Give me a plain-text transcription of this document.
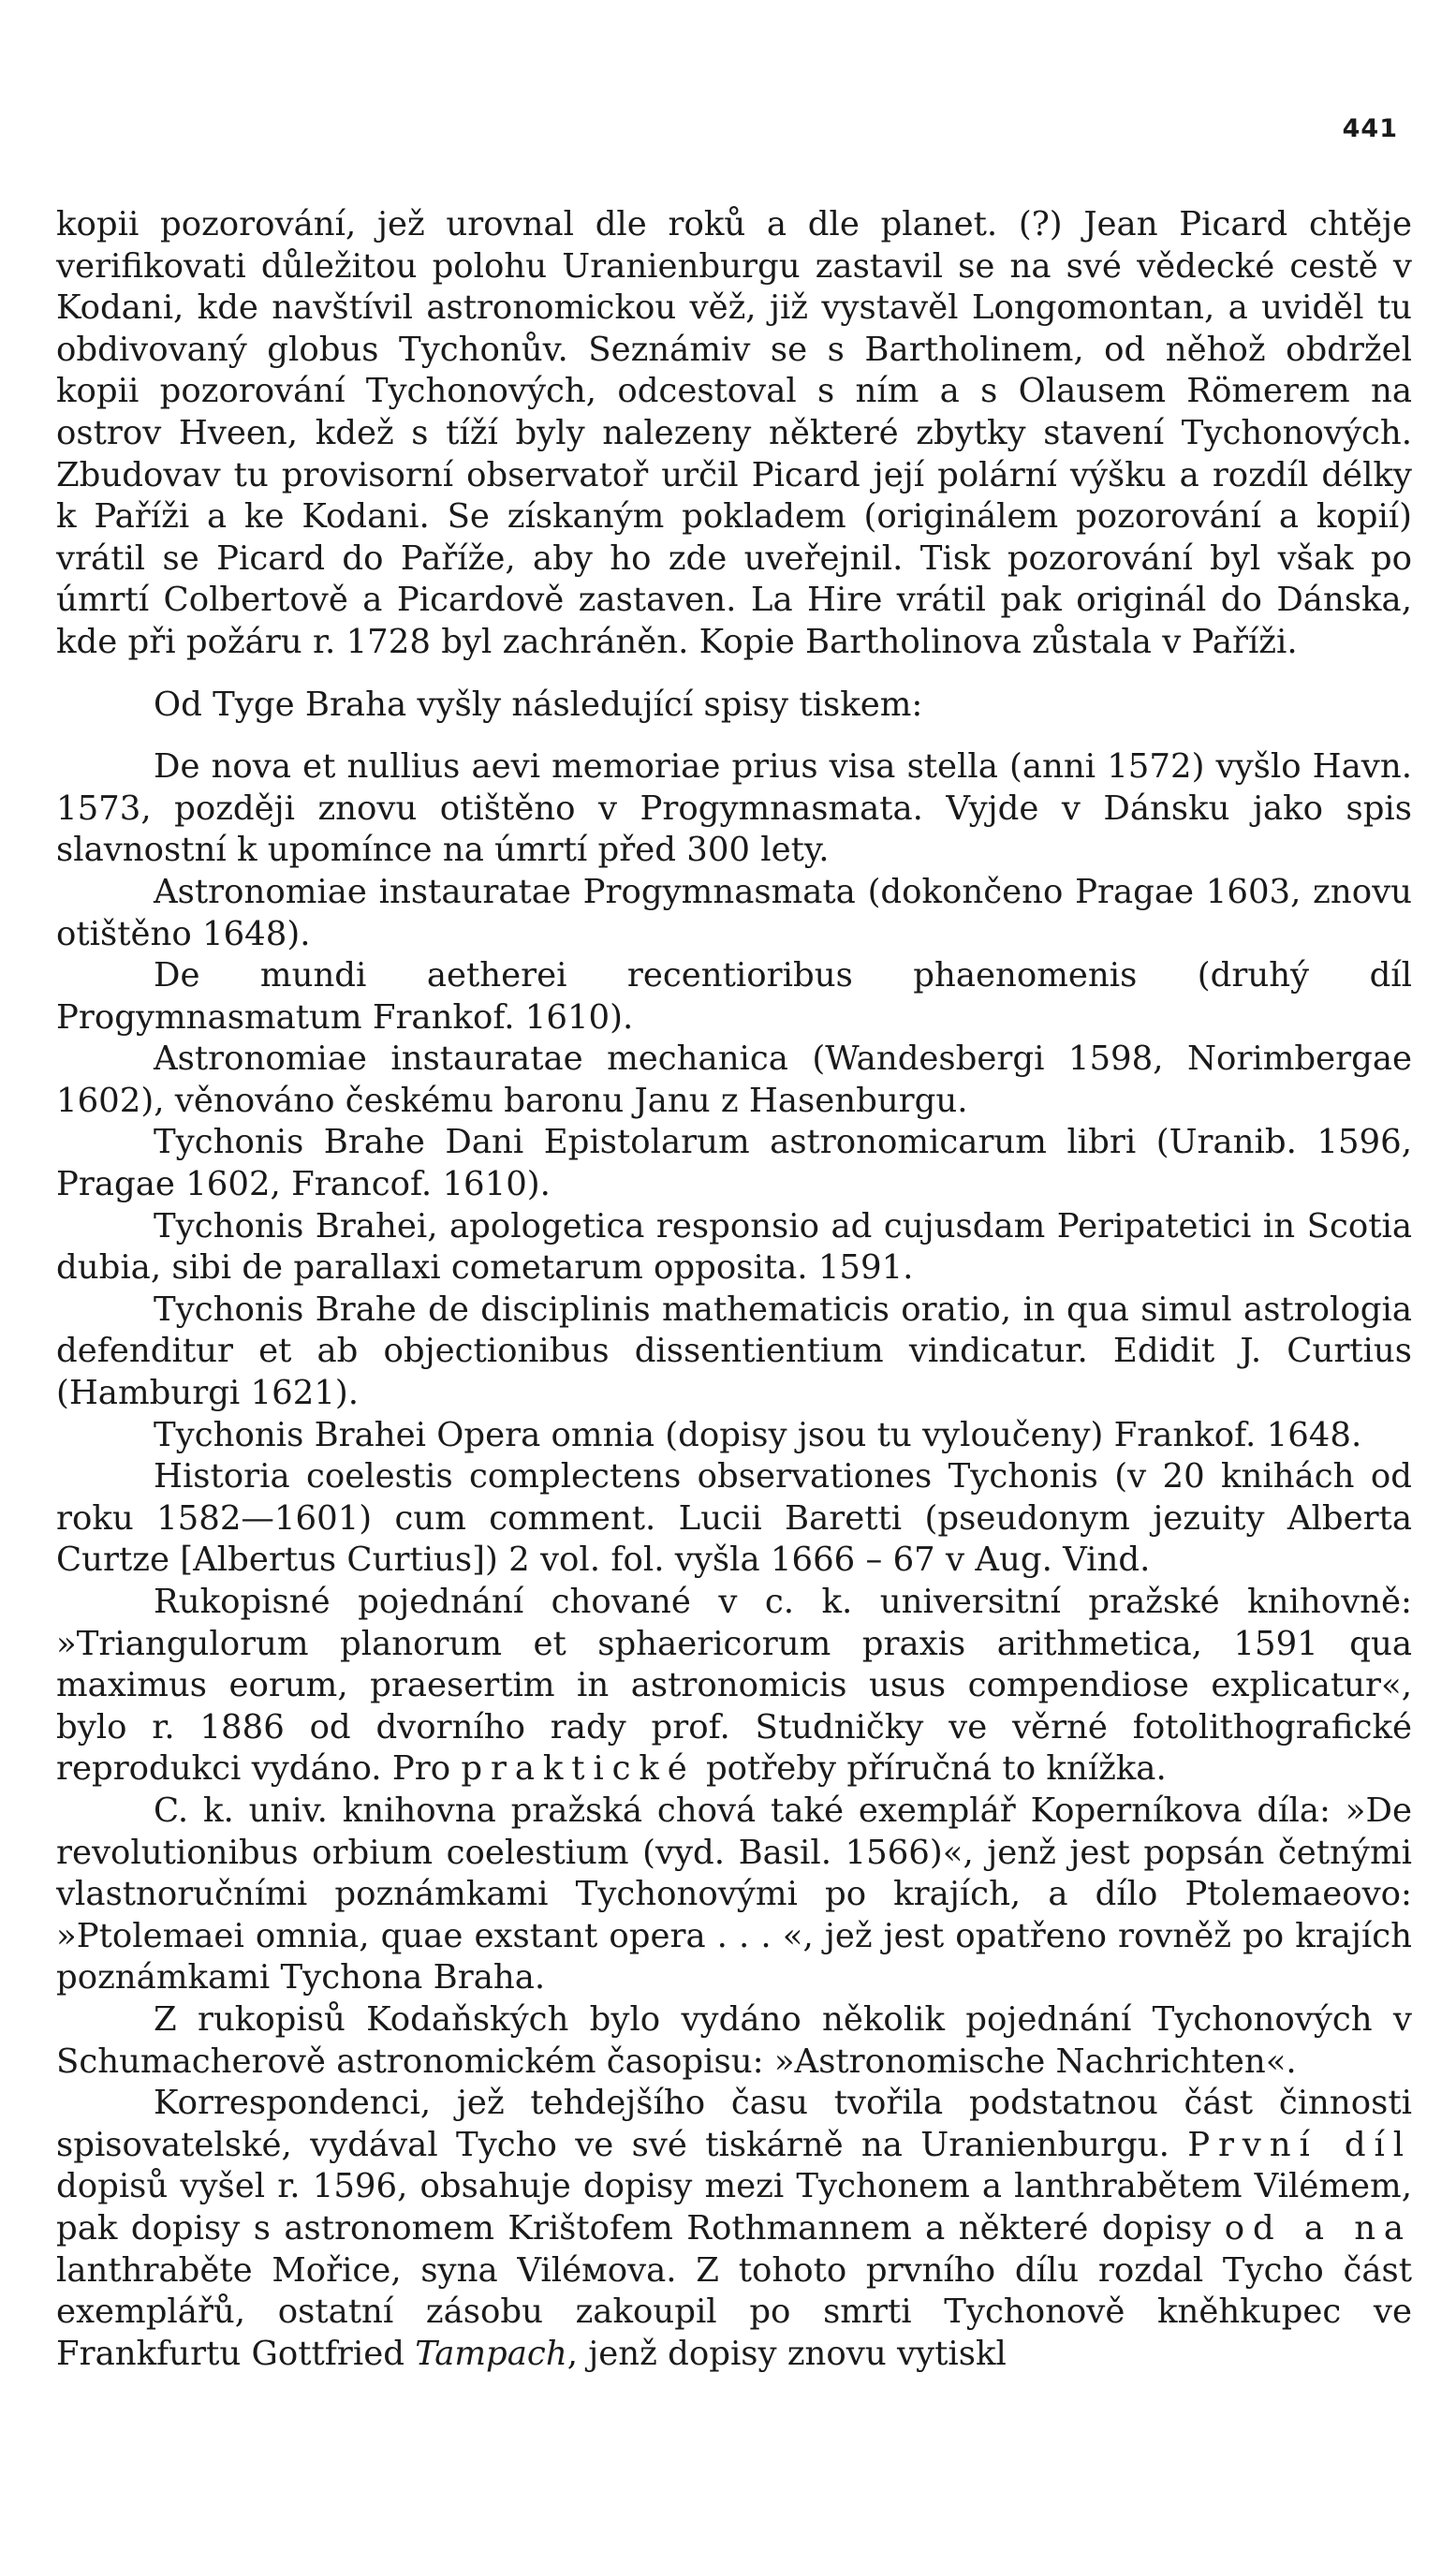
441

kopii pozorování, jež urovnal dle roků a dle planet. (?) Jean Picard chtěje verifikovati důležitou polohu Uranienburgu zastavil se na své vědecké cestě v Kodani, kde navštívil astronomickou věž, již vystavěl Longomontan, a uviděl tu obdivovaný globus Tychonův. Seznámiv se s Bartholinem, od něhož obdržel kopii pozorování Tychonových, odcestoval s ním a s Olausem Römerem na ostrov Hveen, kdež s tíží byly nalezeny některé zbytky stavení Tychonových. Zbudovav tu provisorní observatoř určil Picard její polární výšku a rozdíl délky k Paříži a ke Kodani. Se získaným pokladem (originálem pozorování a kopií) vrátil se Picard do Paříže, aby ho zde uveřejnil. Tisk pozorování byl však po úmrtí Colbertově a Picardově zastaven. La Hire vrátil pak originál do Dánska, kde při požáru r. 1728 byl zachráněn. Kopie Bartholinova zůstala v Paříži.

Od Tyge Braha vyšly následující spisy tiskem:

De nova et nullius aevi memoriae prius visa stella (anni 1572) vyšlo Havn. 1573, později znovu otištěno v Progymnasmata. Vyjde v Dánsku jako spis slavnostní k upomínce na úmrtí před 300 lety.

Astronomiae instauratae Progymnasmata (dokončeno Pragae 1603, znovu otištěno 1648).

De mundi aetherei recentioribus phaenomenis (druhý díl Progymnasmatum Frankof. 1610).

Astronomiae instauratae mechanica (Wandesbergi 1598, Norimbergae 1602), věnováno českému baronu Janu z Hasenburgu.

Tychonis Brahe Dani Epistolarum astronomicarum libri (Uranib. 1596, Pragae 1602, Francof. 1610).

Tychonis Brahei, apologetica responsio ad cujusdam Peripatetici in Scotia dubia, sibi de parallaxi cometarum opposita. 1591.

Tychonis Brahe de disciplinis mathematicis oratio, in qua simul astrologia defenditur et ab objectionibus dissentientium vindicatur. Edidit J. Curtius (Hamburgi 1621).

Tychonis Brahei Opera omnia (dopisy jsou tu vyloučeny) Frankof. 1648.

Historia coelestis complectens observationes Tychonis (v 20 knihách od roku 1582—1601) cum comment. Lucii Baretti (pseudonym jezuity Alberta Curtze [Albertus Curtius]) 2 vol. fol. vyšla 1666 – 67 v Aug. Vind.

Rukopisné pojednání chované v c. k. universitní pražské knihovně: »Triangulorum planorum et sphaericorum praxis arithmetica, 1591 qua maximus eorum, praesertim in astronomicis usus compendiose explicatur«, bylo r. 1886 od dvorního rady prof. Studničky ve věrné fotolithografické reprodukci vydáno. Pro praktické potřeby příručná to knížka.

C. k. univ. knihovna pražská chová také exemplář Koperníkova díla: »De revolutionibus orbium coelestium (vyd. Basil. 1566)«, jenž jest popsán četnými vlastnoručními poznámkami Tychonovými po krajích, a dílo Ptolemaeovo: »Ptolemaei omnia, quae exstant opera . . . «, jež jest opatřeno rovněž po krajích poznámkami Tychona Braha.

Z rukopisů Kodaňských bylo vydáno několik pojednání Tychonových v Schumacherově astronomickém časopisu: »Astronomische Nachrichten«.

Korrespondenci, jež tehdejšího času tvořila podstatnou část činnosti spisovatelské, vydával Tycho ve své tiskárně na Uranienburgu. První díl dopisů vyšel r. 1596, obsahuje dopisy mezi Tychonem a lanthrabětem Vilémem, pak dopisy s astronomem Krištofem Rothmannem a některé dopisy od a na lanthraběte Mořice, syna Viléмova. Z tohoto prvního dílu rozdal Tycho část exemplářů, ostatní zásobu zakoupil po smrti Tychonově kněhkupec ve Frankfurtu Gottfried Tampach, jenž dopisy znovu vytiskl
